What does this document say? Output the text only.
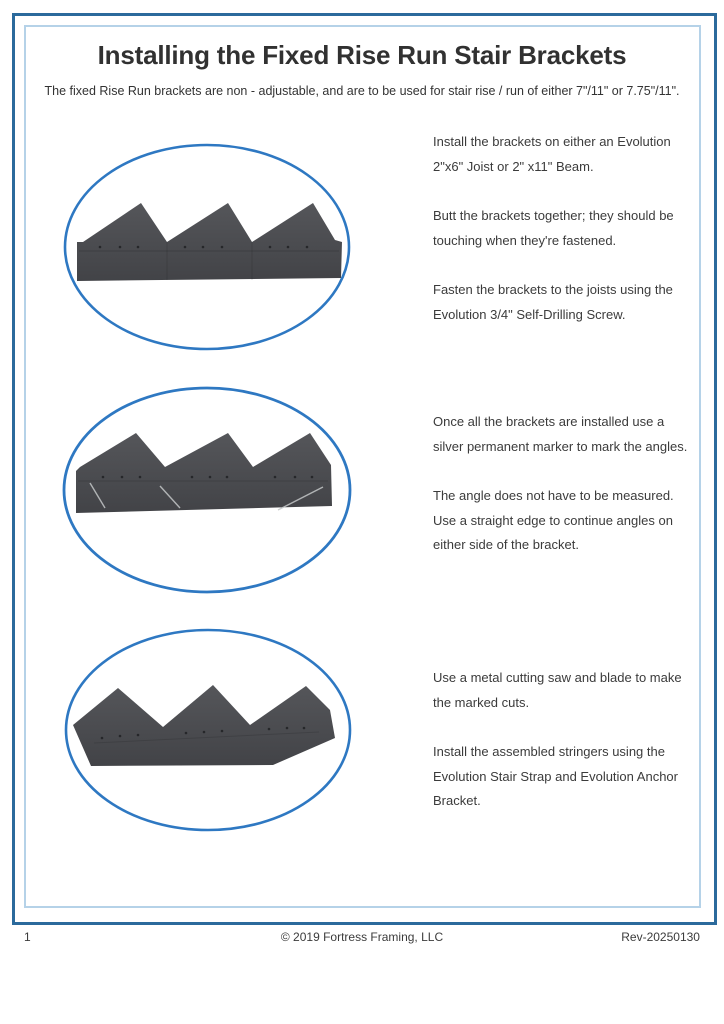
Installing the Fixed Rise Run Stair Brackets
The fixed Rise Run brackets are non - adjustable, and are to be used for stair rise / run of either 7"/11" or 7.75"/11".

Install the brackets on either an Evolution
2"x6" Joist or 2" x11" Beam.

Butt the brackets together; they should be
touching when they're fastened.

Fasten the brackets to the joists using the
Evolution 3/4" Self-Drilling Screw.

Once all the brackets are installed use a
silver permanent marker to mark the angles.

The angle does not have to be measured.
Use a straight edge to continue angles on
either side of the bracket.

Use a metal cutting saw and blade to make
the marked cuts.

Install the assembled stringers using the
Evolution Stair Strap and Evolution Anchor
Bracket.

1	© 2019 Fortress Framing, LLC	Rev-20250130
